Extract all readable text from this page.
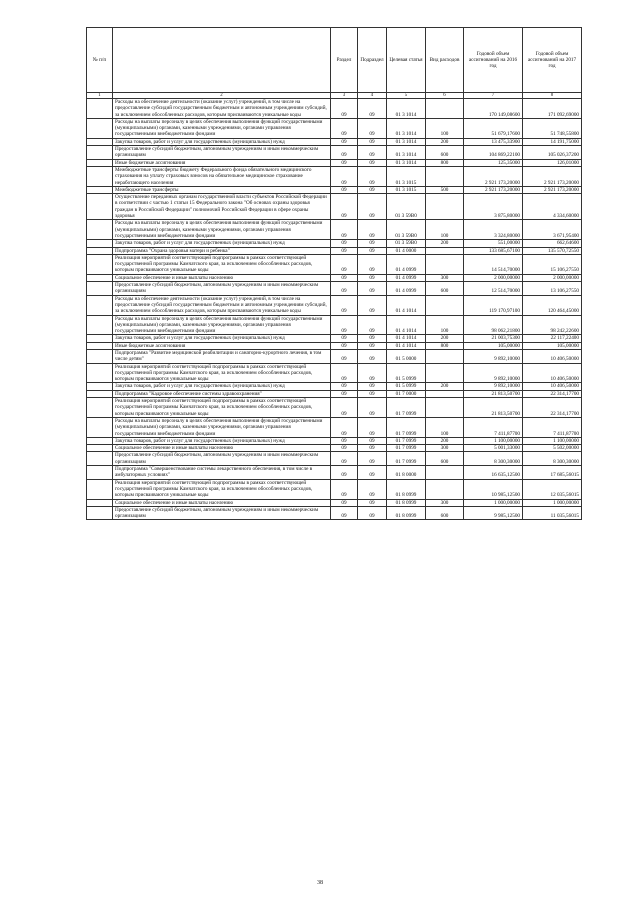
№ п/п		Раздел	Подраздел	Целевая статья	Вид расходов	Годовой объем ассигнований на 2016 год	Годовой объем ассигнований на 2017 год
1	2	3	4	5	6	7	8
	Расходы на обеспечение деятельности (оказание услуг) учреждений, в том числе на предоставление субсидий государственным бюджетным и автономным учреждениям субсидий, за исключением обособленных расходов, которым присваиваются уникальные коды	09	09	01 3 1014		170 149,08600	171 092,69000
	Расходы на выплаты персоналу в целях обеспечения выполнения функций государственными (муниципальными) органами, казенными учреждениями, органами управления государственными внебюджетными фондами	09	09	01 3 1014	100	51 679,17600	51 748,55800
	Закупка товаров, работ и услуг для государственных (муниципальных) нужд	09	09	01 3 1014	200	13 475,33900	14 191,75000
	Предоставление субсидий бюджетным, автономным учреждениям и иным некоммерческим организациям	09	09	01 3 1014	600	104 869,22100	105 026,37200
	Иные бюджетные ассигнования	09	09	01 3 1014	800	125,35000	126,01000
	Межбюджетные трансферты бюджету Федерального фонда обязательного медицинского страхования на уплату страховых взносов на обязательное медицинское страхование неработающего населения	09	09	01 3 1015		2 921 173,20000	2 921 173,20000
	Межбюджетные трансферты	09	09	01 3 1015	500	2 921 173,20000	2 921 173,20000
	Осуществление переданных органам государственной власти субъектов Российской Федерации в соответствии с частью 1 статьи 15 Федерального закона "Об основах охраны здоровья граждан в Российской Федерации" полномочий Российской Федерации в сфере охраны здоровья	09	09	01 3 59В0		3 875,80000	4 334,60000
	Расходы на выплаты персоналу в целях обеспечения выполнения функций государственными (муниципальными) органами, казенными учреждениями, органами управления государственными внебюджетными фондами	09	09	01 3 59В0	100	3 324,80000	3 671,95400
	Закупка товаров, работ и услуг для государственных (муниципальных) нужд	09	09	01 3 59В0	200	551,00000	662,64600
	Подпрограмма "Охрана здоровья матери и ребенка"	09	09	01 4 0000		133 685,67100	135 570,72550
	Реализация мероприятий соответствующей подпрограммы в рамках соответствующей государственной программы Камчатского края, за исключением обособленных расходов, которым присваиваются уникальные коды	09	09	01 4 0999		14 514,70000	15 106,27550
	Социальное обеспечение и иные выплаты населению	09	09	01 4 0999	300	2 000,00000	2 000,00000
	Предоставление субсидий бюджетным, автономным учреждениям и иным некоммерческим организациям	09	09	01 4 0999	600	12 514,70000	13 106,27550
	Расходы на обеспечение деятельности (оказание услуг) учреждений, в том числе на предоставление субсидий государственным бюджетным и автономным учреждениям субсидий, за исключением обособленных расходов, которым присваиваются уникальные коды	09	09	01 4 1014		119 170,97100	120 464,45000
	Расходы на выплаты персоналу в целях обеспечения выполнения функций государственными (муниципальными) органами, казенными учреждениями, органами управления государственными внебюджетными фондами	09	09	01 4 1014	100	98 062,21800	98 242,22600
	Закупка товаров, работ и услуг для государственных (муниципальных) нужд	09	09	01 4 1014	200	21 003,75300	22 117,22400
	Иные бюджетные ассигнования	09	09	01 4 1014	800	105,00000	105,00000
	Подпрограмма "Развитие медицинской реабилитации и санаторно-курортного лечения, в том числе детям"	09	09	01 5 0000		9 892,10000	10 406,50000
	Реализация мероприятий соответствующей подпрограммы в рамках соответствующей государственной программы Камчатского края, за исключением обособленных расходов, которым присваиваются уникальные коды	09	09	01 5 0999		9 892,10000	10 406,50000
	Закупка товаров, работ и услуг для государственных (муниципальных) нужд	09	09	01 5 0999	200	9 892,10000	10 406,50000
	Подпрограмма "Кадровое обеспечение системы здравоохранения"	09	09	01 7 0000		21 813,50700	22 314,17700
	Реализация мероприятий соответствующей подпрограммы в рамках соответствующей государственной программы Камчатского края, за исключением обособленных расходов, которым присваиваются уникальные коды	09	09	01 7 0999		21 813,50700	22 314,17700
	Расходы на выплаты персоналу в целях обеспечения выполнения функций государственными (муниципальными) органами, казенными учреждениями, органами управления государственными внебюджетными фондами	09	09	01 7 0999	100	7 411,87700	7 411,87700
	Закупка товаров, работ и услуг для государственных (муниципальных) нужд	09	09	01 7 0999	200	1 100,00000	1 100,00000
	Социальное обеспечение и иные выплаты населению	09	09	01 7 0999	300	5 001,33000	5 502,00000
	Предоставление субсидий бюджетным, автономным учреждениям и иным некоммерческим организациям	09	09	01 7 0999	600	8 300,30000	8 300,30000
	Подпрограмма "Совершенствование системы лекарственного обеспечения, в том числе в амбулаторных условиях"	09	09	01 8 0000		16 635,12500	17 685,56015
	Реализация мероприятий соответствующей подпрограммы в рамках соответствующей государственной программы Камчатского края, за исключением обособленных расходов, которым присваиваются уникальные коды	09	09	01 8 0999		10 985,12500	12 035,56015
	Социальное обеспечение и иные выплаты населению	09	09	01 8 0999	300	1 000,00000	1 000,00000
	Предоставление субсидий бюджетным, автономным учреждениям и иным некоммерческим организациям	09	09	01 8 0999	600	9 985,12500	11 035,56015
38
